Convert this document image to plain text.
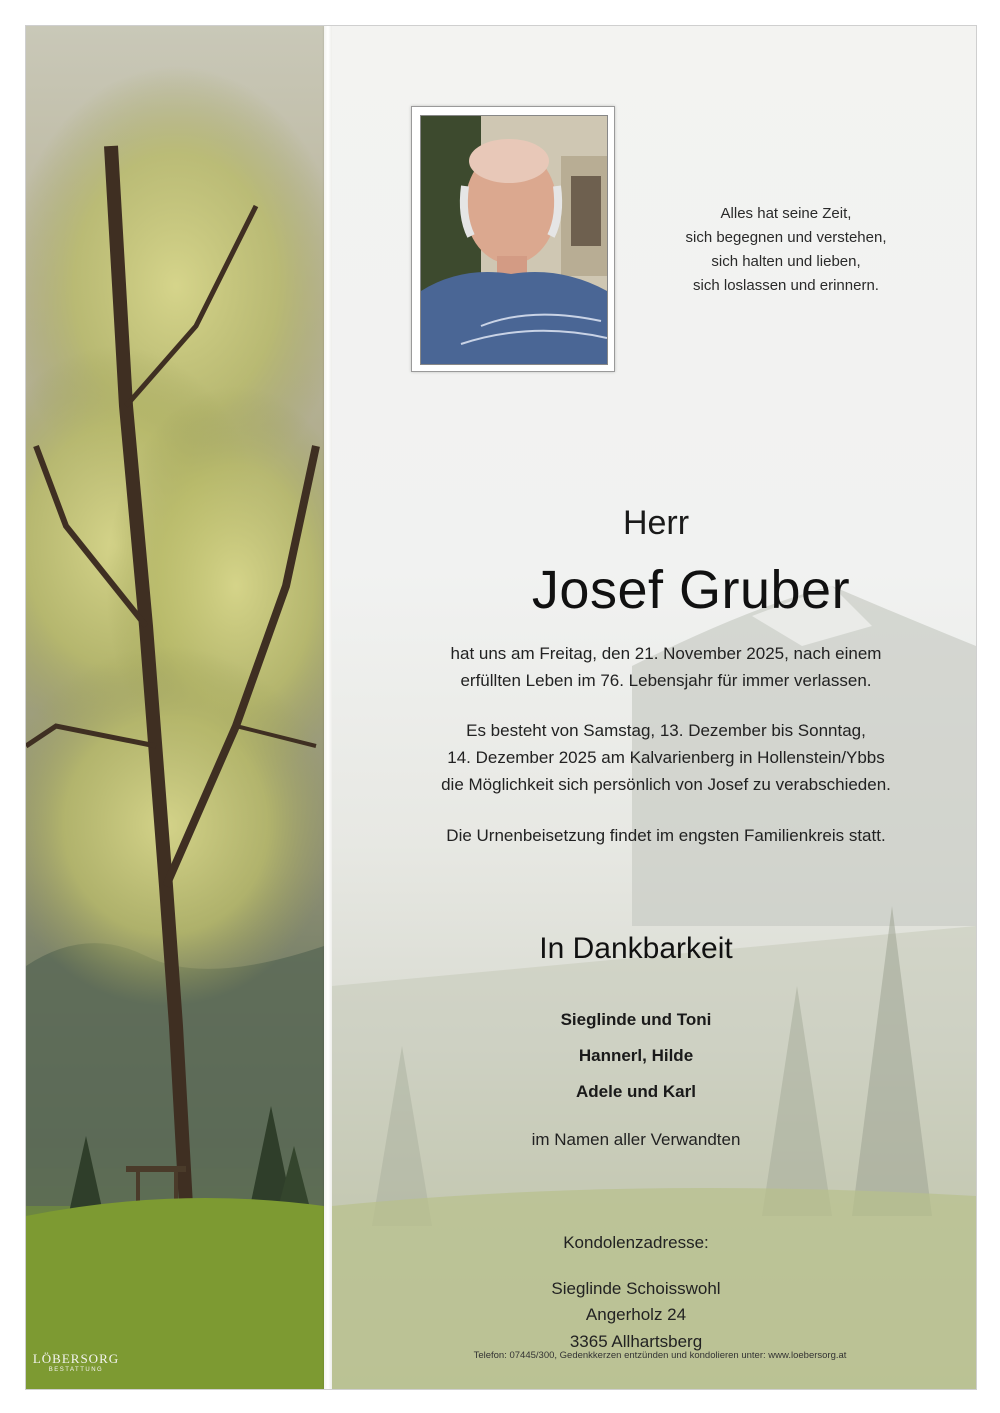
Alles hat seine Zeit,
sich begegnen und verstehen,
sich halten und lieben,
sich loslassen und erinnern.
Herr
Josef Gruber
hat uns am Freitag, den 21. November 2025, nach einem
erfüllten Leben im 76. Lebensjahr für immer verlassen.
Es besteht von Samstag, 13. Dezember bis Sonntag,
14. Dezember 2025 am Kalvarienberg in Hollenstein/Ybbs
die Möglichkeit sich persönlich von Josef zu verabschieden.
Die Urnenbeisetzung findet im engsten Familienkreis statt.
In Dankbarkeit
Sieglinde und Toni
Hannerl, Hilde
Adele und Karl
im Namen aller Verwandten
Kondolenzadresse:
Sieglinde Schoisswohl
Angerholz 24
3365 Allhartsberg
Telefon: 07445/300, Gedenkkerzen entzünden und kondolieren unter: www.loebersorg.at
LÖBERSORG
BESTATTUNG
